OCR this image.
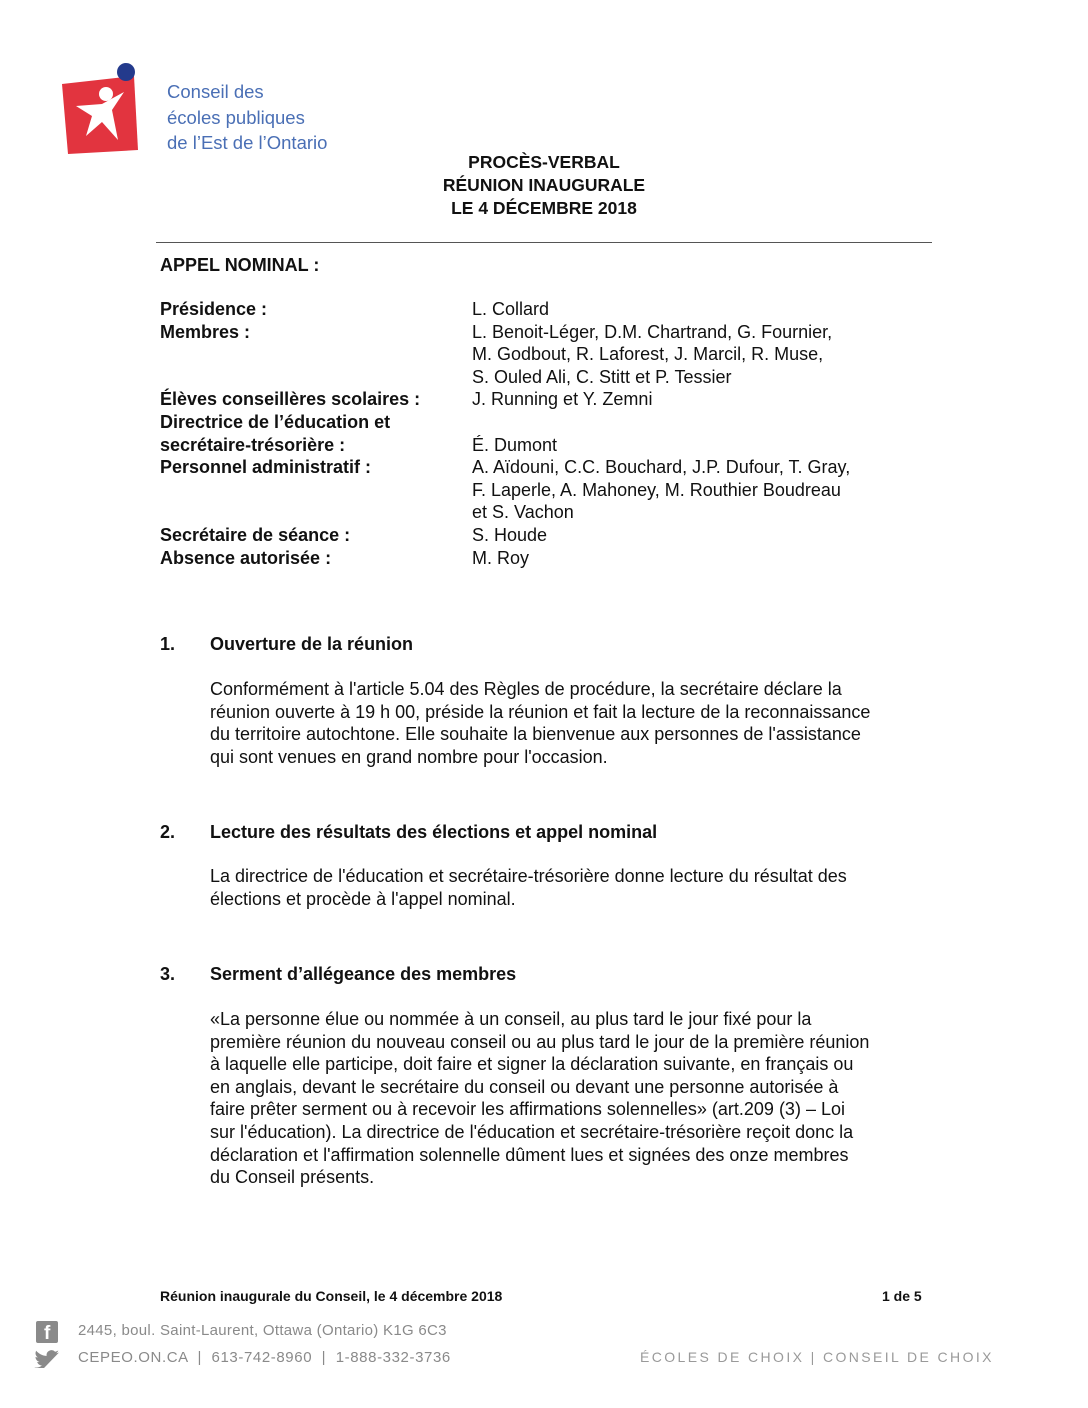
Conseil des
écoles publiques
de l’Est de l’Ontario
PROCÈS-VERBAL
RÉUNION INAUGURALE
LE 4 DÉCEMBRE 2018
APPEL NOMINAL :
Présidence :	L. Collard
Membres :	L. Benoit-Léger, D.M. Chartrand, G. Fournier,
M. Godbout, R. Laforest, J. Marcil, R. Muse,
S. Ouled Ali, C. Stitt et P. Tessier
Élèves conseillères scolaires :	J. Running et Y. Zemni
Directrice de l’éducation et
secrétaire-trésorière :
	É. Dumont
Personnel administratif :	A. Aïdouni, C.C. Bouchard, J.P. Dufour, T. Gray,
F. Laperle, A. Mahoney, M. Routhier Boudreau
et S. Vachon
Secrétaire de séance :	S. Houde
Absence autorisée :	M. Roy
1. Ouverture de la réunion
Conformément à l'article 5.04 des Règles de procédure, la secrétaire déclare la
réunion ouverte à 19 h 00, préside la réunion et fait la lecture de la reconnaissance
du territoire autochtone. Elle souhaite la bienvenue aux personnes de l'assistance
qui sont venues en grand nombre pour l'occasion.
2. Lecture des résultats des élections et appel nominal
La directrice de l'éducation et secrétaire-trésorière donne lecture du résultat des
élections et procède à l'appel nominal.
3. Serment d’allégeance des membres
«La personne élue ou nommée à un conseil, au plus tard le jour fixé pour la
première réunion du nouveau conseil ou au plus tard le jour de la première réunion
à laquelle elle participe, doit faire et signer la déclaration suivante, en français ou
en anglais, devant le secrétaire du conseil ou devant une personne autorisée à
faire prêter serment ou à recevoir les affirmations solennelles» (art.209 (3) – Loi
sur l'éducation). La directrice de l'éducation et secrétaire-trésorière reçoit donc la
déclaration et l'affirmation solennelle dûment lues et signées des onze membres
du Conseil présents.
Réunion inaugurale du Conseil, le 4 décembre 2018	1 de 5
f 2445, boul. Saint-Laurent, Ottawa (Ontario) K1G 6C3
CEPEO.ON.CA  |  613-742-8960  |  1-888-332-3736	ÉCOLES DE CHOIX | CONSEIL DE CHOIX
